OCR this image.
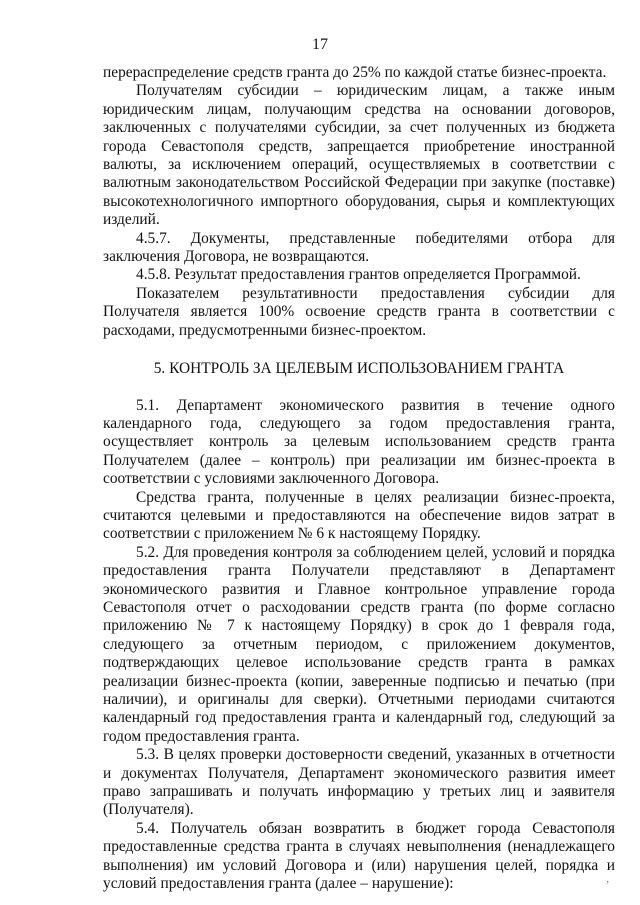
17

перераспределение средств гранта до 25% по каждой статье бизнес-проекта.

Получателям субсидии – юридическим лицам, а также иным юридическим лицам, получающим средства на основании договоров, заключенных с получателями субсидии, за счет полученных из бюджета города Севастополя средств, запрещается приобретение иностранной валюты, за исключением операций, осуществляемых в соответствии с валютным законодательством Российской Федерации при закупке (поставке) высокотехнологичного импортного оборудования, сырья и комплектующих изделий.

4.5.7. Документы, представленные победителями отбора для заключения Договора, не возвращаются.

4.5.8. Результат предоставления грантов определяется Программой.

Показателем результативности предоставления субсидии для Получателя является 100% освоение средств гранта в соответствии с расходами, предусмотренными бизнес-проектом.

5. КОНТРОЛЬ ЗА ЦЕЛЕВЫМ ИСПОЛЬЗОВАНИЕМ ГРАНТА

5.1. Департамент экономического развития в течение одного календарного года, следующего за годом предоставления гранта, осуществляет контроль за целевым использованием средств гранта Получателем (далее – контроль) при реализации им бизнес-проекта в соответствии с условиями заключенного Договора.

Средства гранта, полученные в целях реализации бизнес-проекта, считаются целевыми и предоставляются на обеспечение видов затрат в соответствии с приложением № 6 к настоящему Порядку.

5.2. Для проведения контроля за соблюдением целей, условий и порядка предоставления гранта Получатели представляют в Департамент экономического развития и Главное контрольное управление города Севастополя отчет о расходовании средств гранта (по форме согласно приложению № 7 к настоящему Порядку) в срок до 1 февраля года, следующего за отчетным периодом, с приложением документов, подтверждающих целевое использование средств гранта в рамках реализации бизнес-проекта (копии, заверенные подписью и печатью (при наличии), и оригиналы для сверки). Отчетными периодами считаются календарный год предоставления гранта и календарный год, следующий за годом предоставления гранта.

5.3. В целях проверки достоверности сведений, указанных в отчетности и документах Получателя, Департамент экономического развития имеет право запрашивать и получать информацию у третьих лиц и заявителя (Получателя).

5.4. Получатель обязан возвратить в бюджет города Севастополя предоставленные средства гранта в случаях невыполнения (ненадлежащего выполнения) им условий Договора и (или) нарушения целей, порядка и условий предоставления гранта (далее – нарушение):	‚
